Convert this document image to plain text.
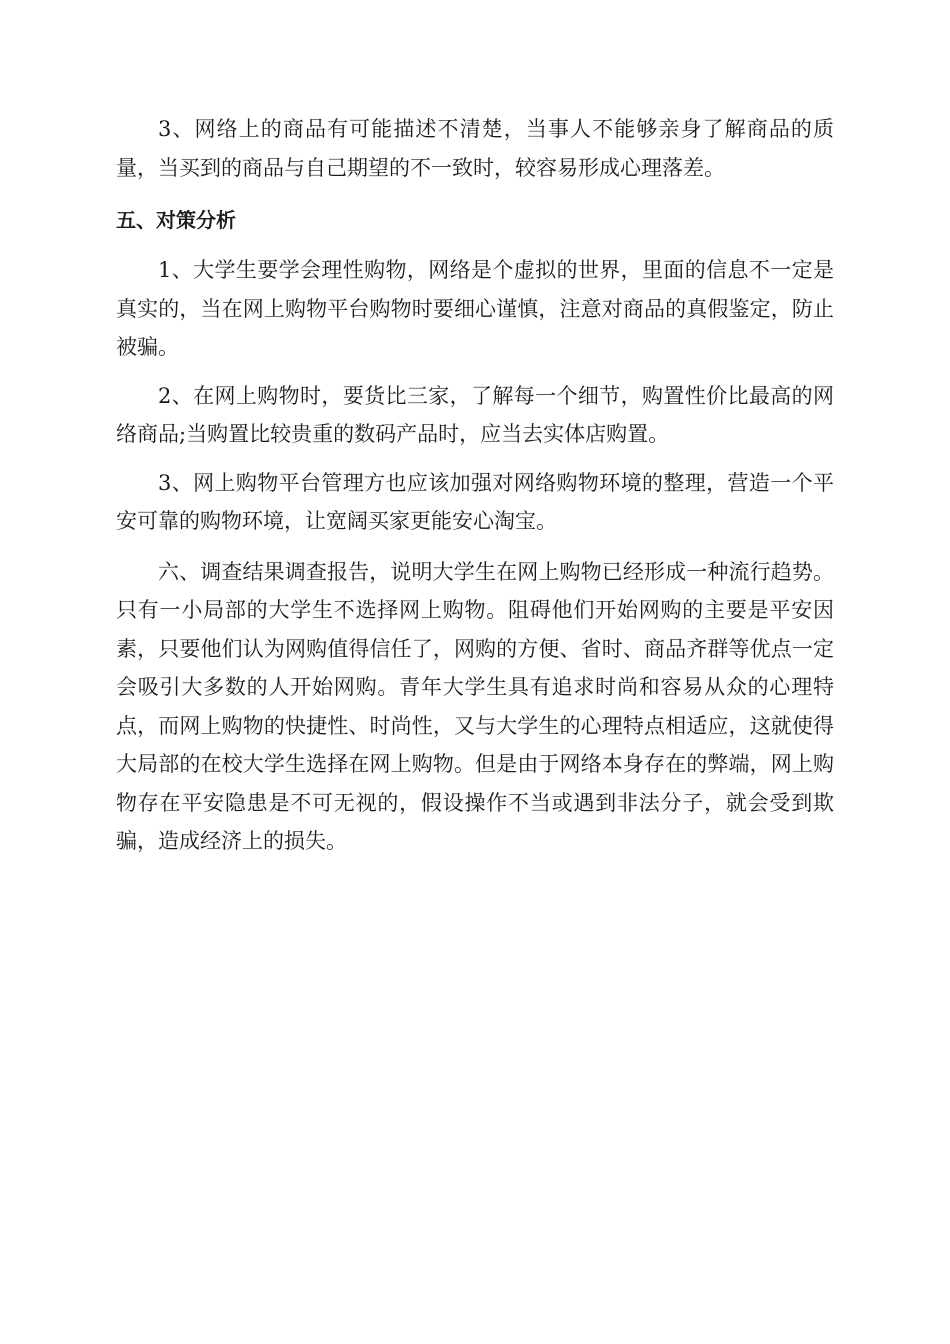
3、网络上的商品有可能描述不清楚，当事人不能够亲身了解商品的质量，当买到的商品与自己期望的不一致时，较容易形成心理落差。

五、对策分析

1、大学生要学会理性购物，网络是个虚拟的世界，里面的信息不一定是真实的，当在网上购物平台购物时要细心谨慎，注意对商品的真假鉴定，防止被骗。

2、在网上购物时，要货比三家，了解每一个细节，购置性价比最高的网络商品;当购置比较贵重的数码产品时，应当去实体店购置。

3、网上购物平台管理方也应该加强对网络购物环境的整理，营造一个平安可靠的购物环境，让宽阔买家更能安心淘宝。

六、调查结果调查报告，说明大学生在网上购物已经形成一种流行趋势。只有一小局部的大学生不选择网上购物。阻碍他们开始网购的主要是平安因素，只要他们认为网购值得信任了，网购的方便、省时、商品齐群等优点一定会吸引大多数的人开始网购。青年大学生具有追求时尚和容易从众的心理特点，而网上购物的快捷性、时尚性，又与大学生的心理特点相适应，这就使得大局部的在校大学生选择在网上购物。但是由于网络本身存在的弊端，网上购物存在平安隐患是不可无视的，假设操作不当或遇到非法分子，就会受到欺骗，造成经济上的损失。
